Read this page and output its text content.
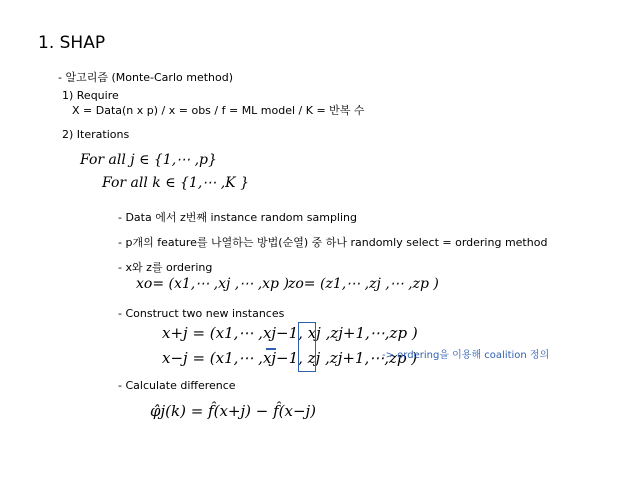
1. SHAP
- 알고리즘 (Monte-Carlo method)
1) Require
X = Data(n x p) / x = obs / f = ML model / K = 반복 수
2) Iterations
For all j ∈ {1,⋯ ,p}
For all k ∈ {1,⋯ ,K }
- Data 에서 z번째 instance random sampling
- p개의 feature를 나열하는 방법(순열) 중 하나 randomly select = ordering method
- x와 z를 ordering
xo= (x1,⋯ ,xj ,⋯ ,xp ) zo= (z1,⋯ ,zj ,⋯ ,zp )
- Construct two new instances
x+j = (x1,⋯ ,xj−1, xj ,zj+1,⋯,zp )
x−j = (x1,⋯ ,xj−1, zj ,zj+1,⋯,zp )
-> ordering을 이용해 coalition 정의
- Calculate difference
φ̂j(k) = f̂(x+j) − f̂(x−j)
